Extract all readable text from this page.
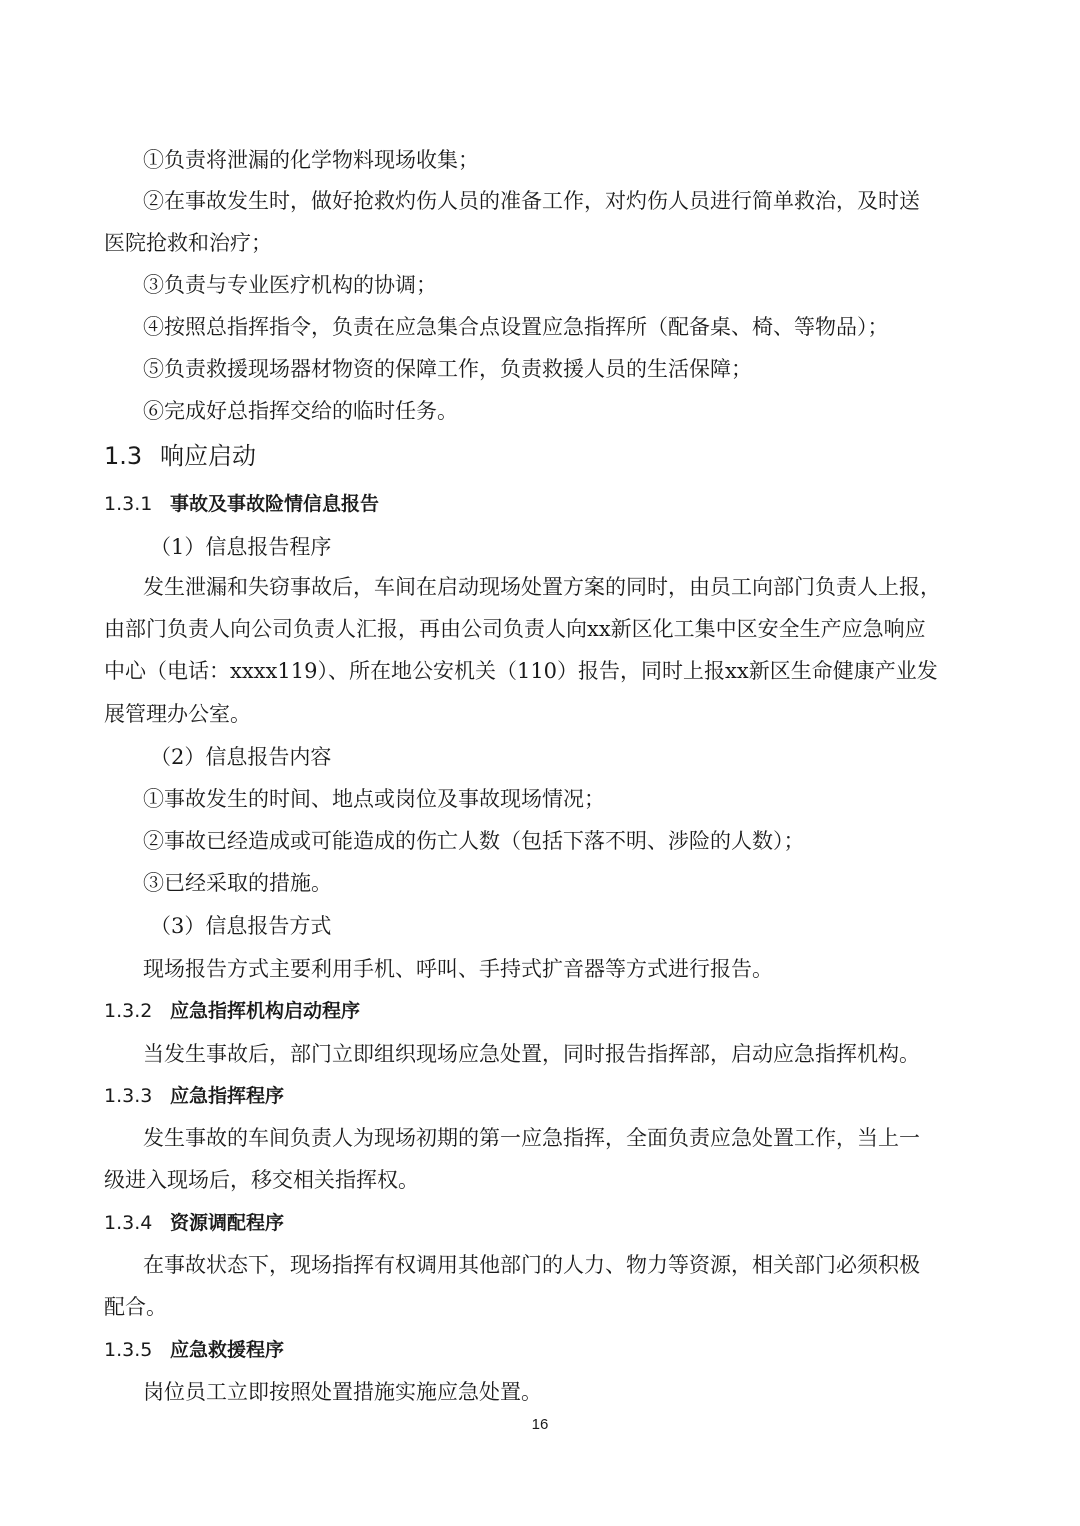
①负责将泄漏的化学物料现场收集；
②在事故发生时，做好抢救灼伤人员的准备工作，对灼伤人员进行简单救治，及时送
医院抢救和治疗；
③负责与专业医疗机构的协调；
④按照总指挥指令，负责在应急集合点设置应急指挥所（配备桌、椅、等物品）；
⑤负责救援现场器材物资的保障工作，负责救援人员的生活保障；
⑥完成好总指挥交给的临时任务。
1.3 响应启动
1.3.1 事故及事故险情信息报告
（1）信息报告程序
发生泄漏和失窃事故后，车间在启动现场处置方案的同时，由员工向部门负责人上报，
由部门负责人向公司负责人汇报，再由公司负责人向xx新区化工集中区安全生产应急响应
中心（电话：xxxx119）、所在地公安机关（110）报告，同时上报xx新区生命健康产业发
展管理办公室。
（2）信息报告内容
①事故发生的时间、地点或岗位及事故现场情况；
②事故已经造成或可能造成的伤亡人数（包括下落不明、涉险的人数）；
③已经采取的措施。
（3）信息报告方式
现场报告方式主要利用手机、呼叫、手持式扩音器等方式进行报告。
1.3.2 应急指挥机构启动程序
当发生事故后，部门立即组织现场应急处置，同时报告指挥部，启动应急指挥机构。
1.3.3 应急指挥程序
发生事故的车间负责人为现场初期的第一应急指挥，全面负责应急处置工作，当上一
级进入现场后，移交相关指挥权。
1.3.4 资源调配程序
在事故状态下，现场指挥有权调用其他部门的人力、物力等资源，相关部门必须积极
配合。
1.3.5 应急救援程序
岗位员工立即按照处置措施实施应急处置。
16
